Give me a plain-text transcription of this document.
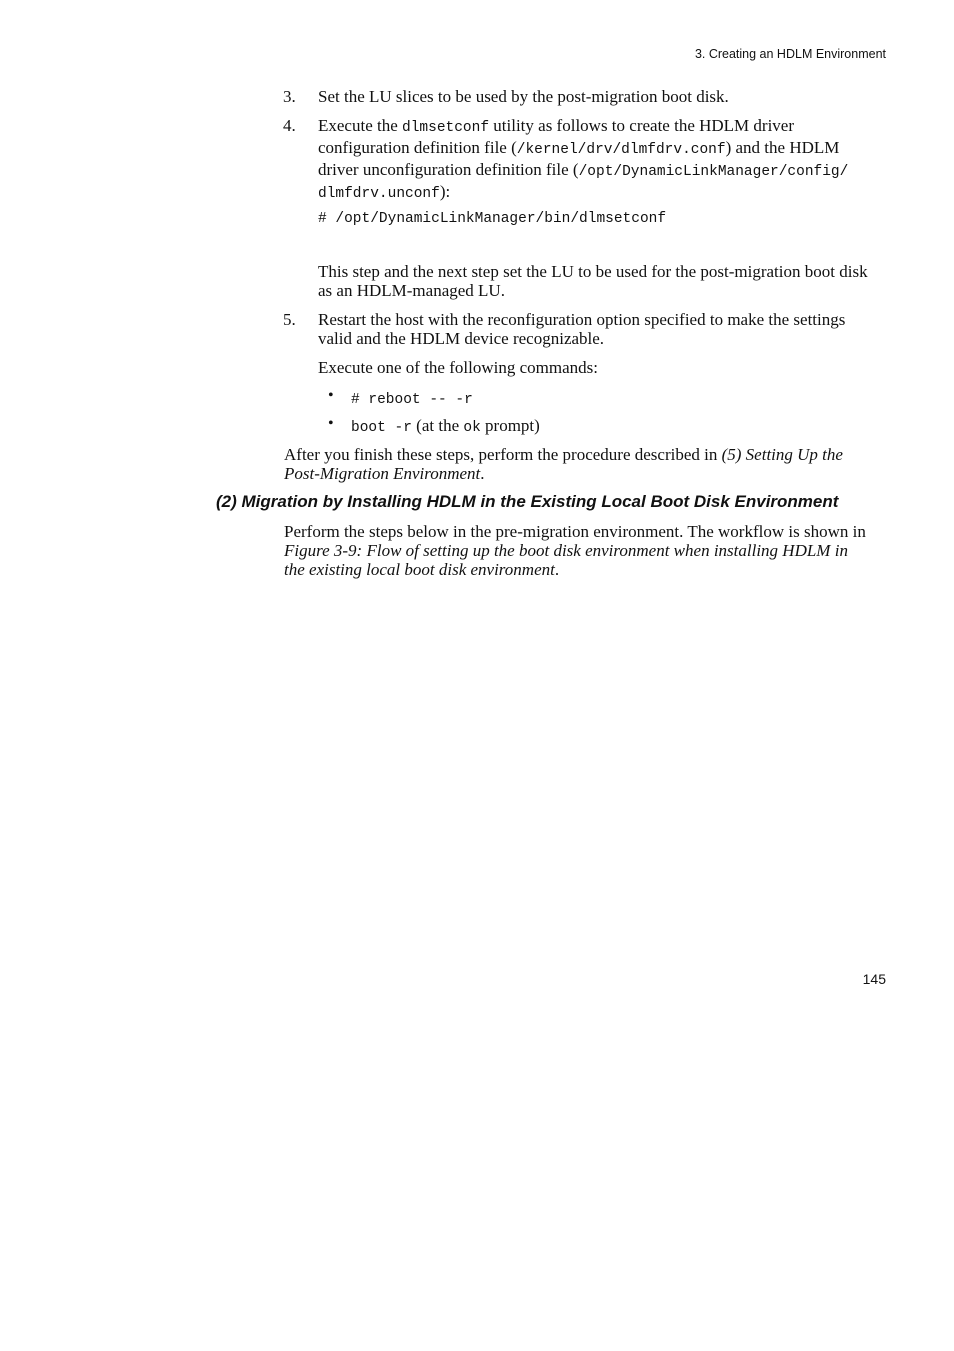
3. Creating an HDLM Environment
3. Set the LU slices to be used by the post-migration boot disk.
4. Execute the dlmsetconf utility as follows to create the HDLM driver
configuration definition file (/kernel/drv/dlmfdrv.conf) and the HDLM
driver unconfiguration definition file (/opt/DynamicLinkManager/config/
dlmfdrv.unconf):
# /opt/DynamicLinkManager/bin/dlmsetconf
This step and the next step set the LU to be used for the post-migration boot disk
as an HDLM-managed LU.
5. Restart the host with the reconfiguration option specified to make the settings
valid and the HDLM device recognizable.
Execute one of the following commands:
• # reboot -- -r
• boot -r (at the ok prompt)
After you finish these steps, perform the procedure described in (5) Setting Up the
Post-Migration Environment.
(2) Migration by Installing HDLM in the Existing Local Boot Disk Environment
Perform the steps below in the pre-migration environment. The workflow is shown in
Figure 3-9: Flow of setting up the boot disk environment when installing HDLM in
the existing local boot disk environment.
145
